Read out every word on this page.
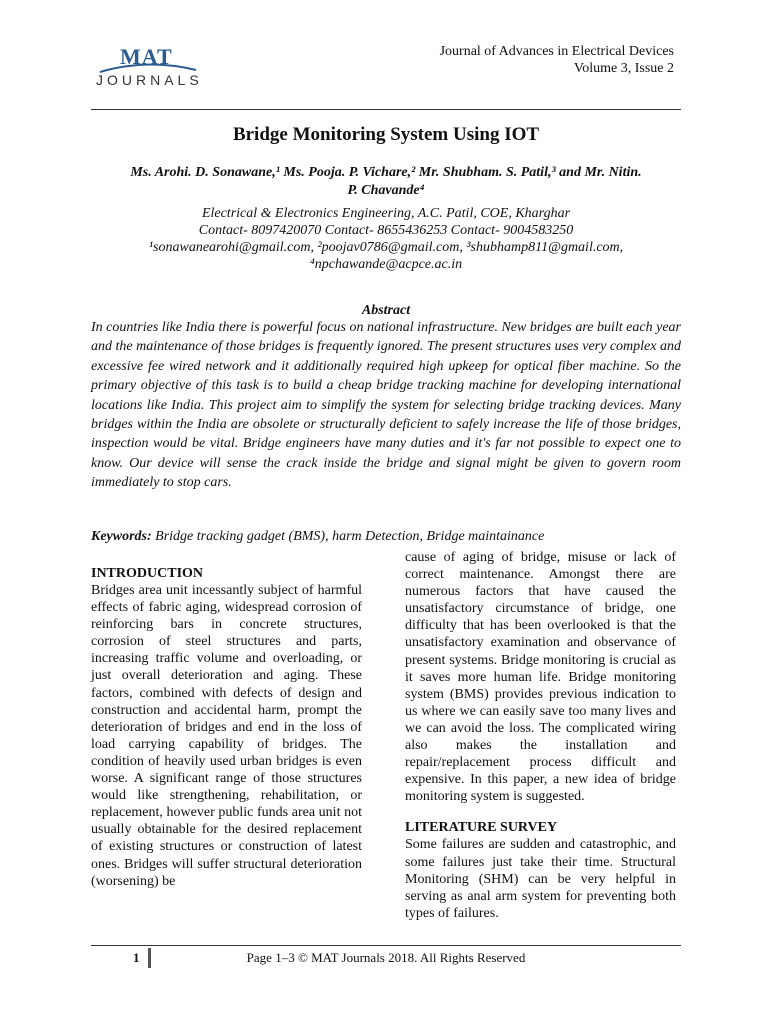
MAT
JOURNALS
Journal of Advances in Electrical Devices
Volume 3, Issue 2
Bridge Monitoring System Using IOT
Ms. Arohi. D. Sonawane,¹ Ms. Pooja. P. Vichare,² Mr. Shubham. S. Patil,³ and Mr. Nitin.
P. Chavande⁴
Electrical & Electronics Engineering, A.C. Patil, COE, Kharghar
Contact- 8097420070 Contact- 8655436253 Contact- 9004583250
¹sonawanearohi@gmail.com, ²poojav0786@gmail.com, ³shubhamp811@gmail.com,
⁴npchawande@acpce.ac.in
Abstract
In countries like India there is powerful focus on national infrastructure. New bridges are built each year and the maintenance of those bridges is frequently ignored. The present structures uses very complex and excessive fee wired network and it additionally required high upkeep for optical fiber machine. So the primary objective of this task is to build a cheap bridge tracking machine for developing international locations like India. This project aim to simplify the system for selecting bridge tracking devices. Many bridges within the India are obsolete or structurally deficient to safely increase the life of those bridges, inspection would be vital. Bridge engineers have many duties and it's far not possible to expect one to know. Our device will sense the crack inside the bridge and signal might be given to govern room immediately to stop cars.
Keywords: Bridge tracking gadget (BMS), harm Detection, Bridge maintainance

INTRODUCTION

Bridges area unit incessantly subject of harmful effects of fabric aging, widespread corrosion of reinforcing bars in concrete structures, corrosion of steel structures and parts, increasing traffic volume and overloading, or just overall deterioration and aging. These factors, combined with defects of design and construction and accidental harm, prompt the deterioration of bridges and end in the loss of load carrying capability of bridges. The condition of heavily used urban bridges is even worse. A significant range of those structures would like strengthening, rehabilitation, or replacement, however public funds area unit not usually obtainable for the desired replacement of existing structures or construction of latest ones. Bridges will suffer structural deterioration (worsening) be

cause of aging of bridge, misuse or lack of correct maintenance. Amongst there are numerous factors that have caused the unsatisfactory circumstance of bridge, one difficulty that has been overlooked is that the unsatisfactory examination and observance of present systems. Bridge monitoring is crucial as it saves more human life. Bridge monitoring system (BMS) provides previous indication to us where we can easily save too many lives and we can avoid the loss. The complicated wiring also makes the installation and repair/replacement process difficult and expensive. In this paper, a new idea of bridge monitoring system is suggested.

LITERATURE SURVEY

Some failures are sudden and catastrophic, and some failures just take their time. Structural Monitoring (SHM) can be very helpful in serving as anal arm system for preventing both types of failures.

1	Page 1–3 © MAT Journals 2018. All Rights Reserved
